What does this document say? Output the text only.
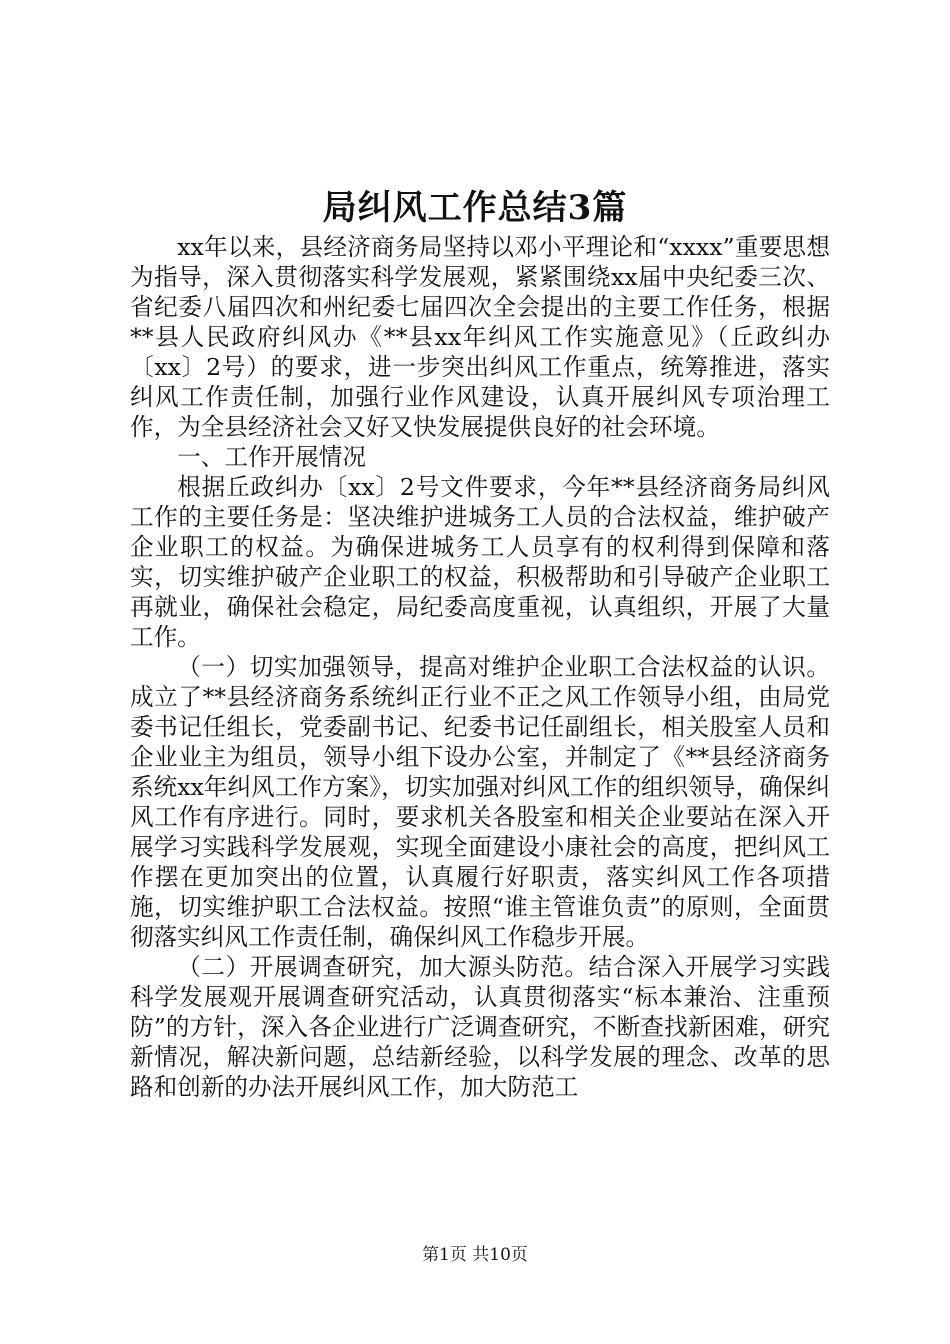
局纠风工作总结3篇

xx年以来，县经济商务局坚持以邓小平理论和“xxxx”重要思想为指导，深入贯彻落实科学发展观，紧紧围绕xx届中央纪委三次、省纪委八届四次和州纪委七届四次全会提出的主要工作任务，根据**县人民政府纠风办《**县xx年纠风工作实施意见》（丘政纠办〔xx〕2号）的要求，进一步突出纠风工作重点，统筹推进，落实纠风工作责任制，加强行业作风建设，认真开展纠风专项治理工作，为全县经济社会又好又快发展提供良好的社会环境。

一、工作开展情况

根据丘政纠办〔xx〕2号文件要求，今年**县经济商务局纠风工作的主要任务是：坚决维护进城务工人员的合法权益，维护破产企业职工的权益。为确保进城务工人员享有的权利得到保障和落实，切实维护破产企业职工的权益，积极帮助和引导破产企业职工再就业，确保社会稳定，局纪委高度重视，认真组织，开展了大量工作。

（一）切实加强领导，提高对维护企业职工合法权益的认识。成立了**县经济商务系统纠正行业不正之风工作领导小组，由局党委书记任组长，党委副书记、纪委书记任副组长，相关股室人员和企业业主为组员，领导小组下设办公室，并制定了《**县经济商务系统xx年纠风工作方案》，切实加强对纠风工作的组织领导，确保纠风工作有序进行。同时，要求机关各股室和相关企业要站在深入开展学习实践科学发展观，实现全面建设小康社会的高度，把纠风工作摆在更加突出的位置，认真履行好职责，落实纠风工作各项措施，切实维护职工合法权益。按照“谁主管谁负责”的原则，全面贯彻落实纠风工作责任制，确保纠风工作稳步开展。

（二）开展调查研究，加大源头防范。结合深入开展学习实践科学发展观开展调查研究活动，认真贯彻落实“标本兼治、注重预防”的方针，深入各企业进行广泛调查研究，不断查找新困难，研究新情况，解决新问题，总结新经验，以科学发展的理念、改革的思路和创新的办法开展纠风工作，加大防范工

第1页 共10页
